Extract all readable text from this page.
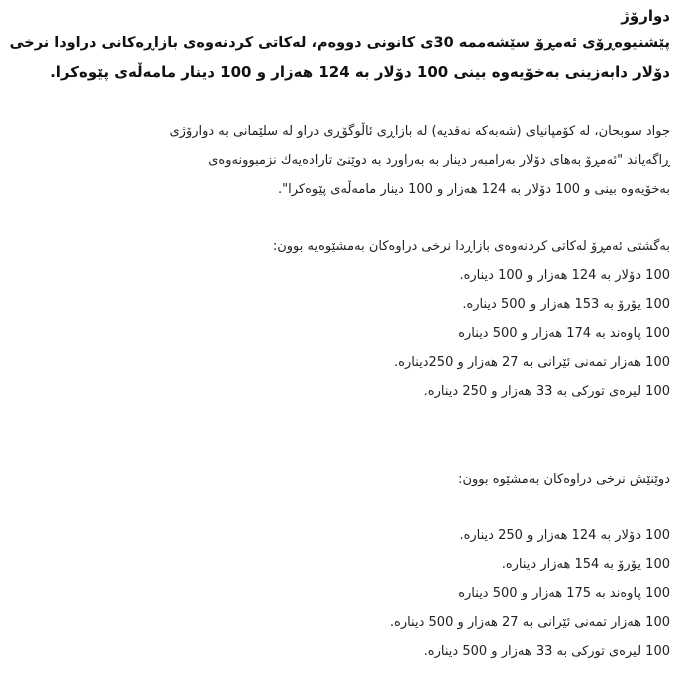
دوارۆژ
پێشنیوەڕۆی ئەمڕۆ سێشەممە 30ی كانونی دووەم، لەكاتی كردنەوەی بازاڕەكانی دراودا نرخی
دۆلار دابەزینی بەخۆیەوە بینی 100 دۆلار بە 124 هەزار و 100 دینار مامەڵەی پێوەكرا.
جواد سوبحان، لە كۆمپانیای (شەبەكە نەقدیە) لە بازاڕی ئاڵوگۆڕی دراو لە سلێمانی بە دوارۆژی
ڕاگەیاند "ئەمڕۆ بەهای دۆلار بەرامبەر دینار بە بەراورد بە دوێنێ تارادەیەك نزمبوونەوەی
بەخۆیەوە بینی و 100 دۆلار بە 124 هەزار و 100 دینار مامەڵەی پێوەكرا".
بەگشتی ئەمڕۆ لەكاتی كردنەوەی بازاڕدا نرخی دراوەكان بەمشێوەیە بوون:
100 دۆلار بە 124 هەزار و 100 دینارە.
100 یۆرۆ بە 153 هەزار و 500 دینارە.
100 پاوەند بە 174 هەزار و 500 دینارە
100 هەزار تمەنی ئێرانی بە 27 هەزار و 250دینارە.
100 لیرەی توركی بە 33 هەزار و 250 دینارە.
دوێنێش نرخی دراوەكان بەمشێوە بوون:
100 دۆلار بە 124 هەزار و 250 دینارە.
100 یۆرۆ بە 154 هەزار دینارە.
100 پاوەند بە 175 هەزار و 500 دینارە
100 هەزار تمەنی ئێرانی بە 27 هەزار و 500 دینارە.
100 لیرەی توركی بە 33 هەزار و 500 دینارە.
